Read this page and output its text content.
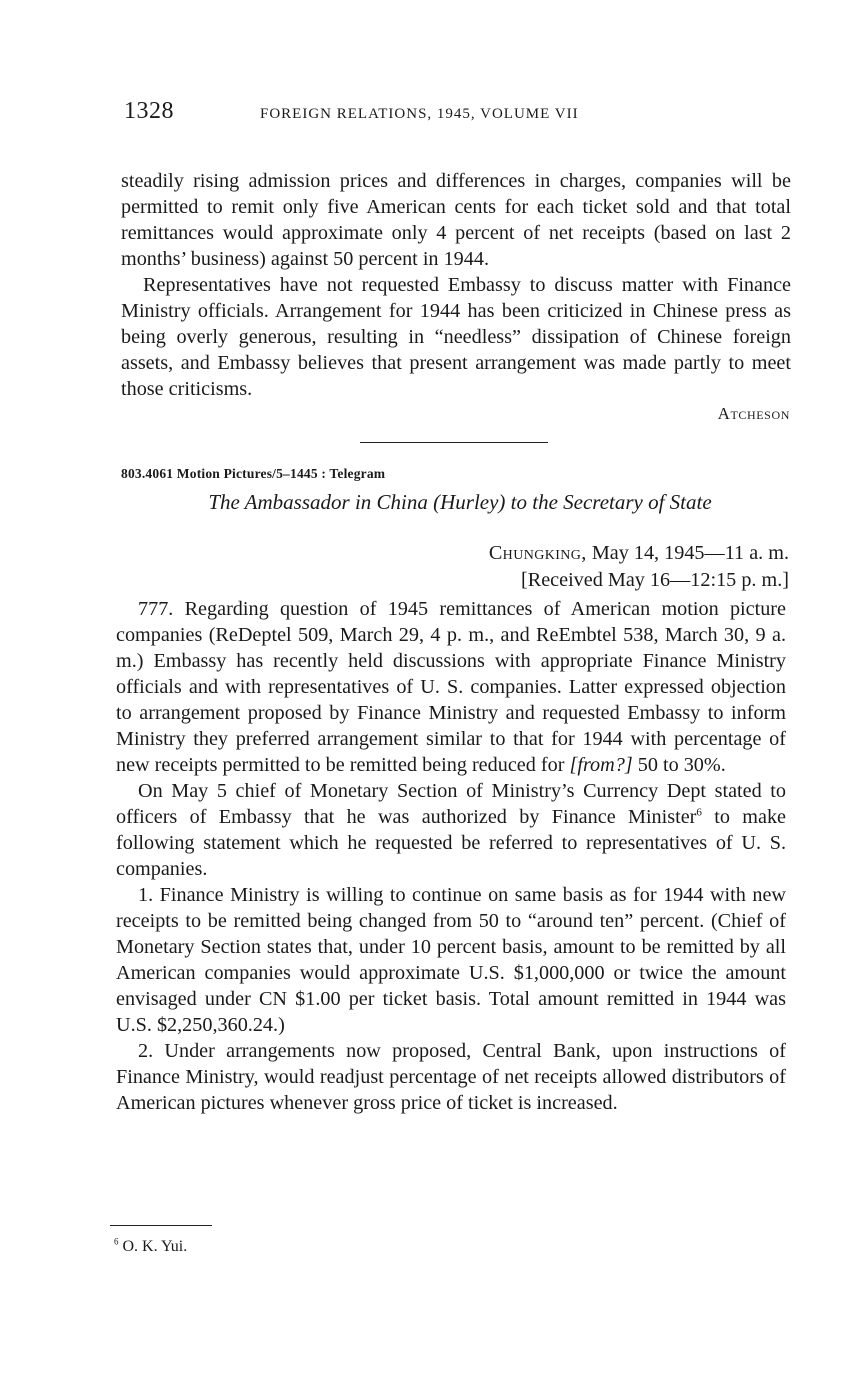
1328	FOREIGN RELATIONS, 1945, VOLUME VII

steadily rising admission prices and differences in charges, companies will be permitted to remit only five American cents for each ticket sold and that total remittances would approximate only 4 percent of net receipts (based on last 2 months’ business) against 50 percent in 1944.

Representatives have not requested Embassy to discuss matter with Finance Ministry officials. Arrangement for 1944 has been criticized in Chinese press as being overly generous, resulting in “needless” dissipation of Chinese foreign assets, and Embassy believes that present arrangement was made partly to meet those criticisms.

Atcheson
803.4061 Motion Pictures/5–1445 : Telegram
The Ambassador in China (Hurley) to the Secretary of State
Chungking, May 14, 1945—11 a. m.
[Received May 16—12:15 p. m.]

777. Regarding question of 1945 remittances of American motion picture companies (ReDeptel 509, March 29, 4 p. m., and ReEmbtel 538, March 30, 9 a. m.) Embassy has recently held discussions with appropriate Finance Ministry officials and with representatives of U. S. companies. Latter expressed objection to arrangement proposed by Finance Ministry and requested Embassy to inform Ministry they preferred arrangement similar to that for 1944 with percentage of new receipts permitted to be remitted being reduced for [from?] 50 to 30%.

On May 5 chief of Monetary Section of Ministry’s Currency Dept stated to officers of Embassy that he was authorized by Finance Minister$^6$ to make following statement which he requested be referred to representatives of U. S. companies.

1. Finance Ministry is willing to continue on same basis as for 1944 with new receipts to be remitted being changed from 50 to “around ten” percent. (Chief of Monetary Section states that, under 10 percent basis, amount to be remitted by all American companies would approximate U.S. $1,000,000 or twice the amount envisaged under CN $1.00 per ticket basis. Total amount remitted in 1944 was U.S. $2,250,360.24.)

2. Under arrangements now proposed, Central Bank, upon instructions of Finance Ministry, would readjust percentage of net receipts allowed distributors of American pictures whenever gross price of ticket is increased.

$^6$ O. K. Yui.
